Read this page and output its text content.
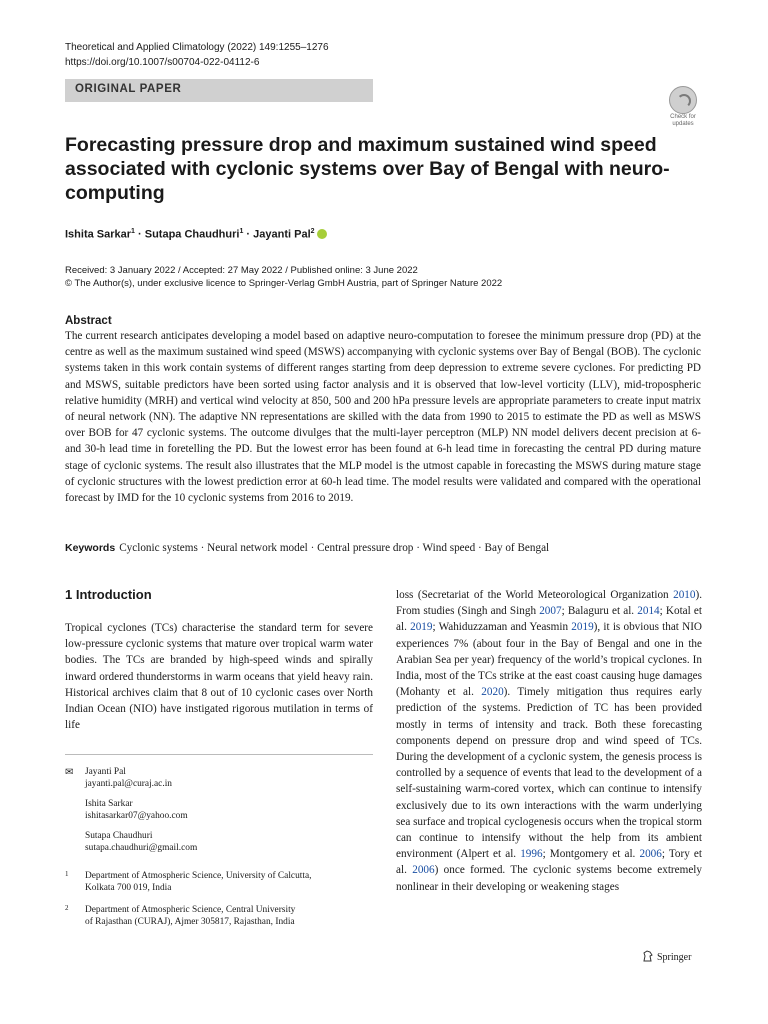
Theoretical and Applied Climatology (2022) 149:1255–1276
https://doi.org/10.1007/s00704-022-04112-6
ORIGINAL PAPER
Check for updates
Forecasting pressure drop and maximum sustained wind speed associated with cyclonic systems over Bay of Bengal with neuro-computing
Ishita Sarkar$^1$ · Sutapa Chaudhuri$^1$ · Jayanti Pal$^2$
Received: 3 January 2022 / Accepted: 27 May 2022 / Published online: 3 June 2022
© The Author(s), under exclusive licence to Springer-Verlag GmbH Austria, part of Springer Nature 2022
Abstract

The current research anticipates developing a model based on adaptive neuro-computation to foresee the minimum pressure drop (PD) at the centre as well as the maximum sustained wind speed (MSWS) accompanying with cyclonic systems over Bay of Bengal (BOB). The cyclonic systems taken in this work contain systems of different ranges starting from deep depression to extreme severe cyclones. For predicting PD and MSWS, suitable predictors have been sorted using factor analysis and it is observed that low-level vorticity (LLV), mid-tropospheric relative humidity (MRH) and vertical wind velocity at 850, 500 and 200 hPa pressure levels are appropriate parameters to create input matrix of neural network (NN). The adaptive NN representations are skilled with the data from 1990 to 2015 to estimate the PD as well as MSWS over BOB for 47 cyclonic systems. The outcome divulges that the multi-layer perceptron (MLP) NN model delivers decent precision at 6- and 30-h lead time in foretelling the PD. But the lowest error has been found at 6-h lead time in forecasting the central PD during mature stage of cyclonic systems. The result also illustrates that the MLP model is the utmost capable in forecasting the MSWS during mature stage of cyclonic structures with the lowest prediction error at 60-h lead time. The model results were validated and compared with the operational forecast by IMD for the 10 cyclonic systems from 2016 to 2019.

Keywords Cyclonic systems · Neural network model · Central pressure drop · Wind speed · Bay of Bengal
1 Introduction

Tropical cyclones (TCs) characterise the standard term for severe low-pressure cyclonic systems that mature over tropical warm water bodies. The TCs are branded by high-speed winds and spirally inward ordered thunderstorms in warm oceans that yield heavy rain. Historical archives claim that 8 out of 10 cyclonic cases over North Indian Ocean (NIO) have instigated rigorous mutilation in terms of life

✉ Jayanti Pal
jayanti.pal@curaj.ac.in
Ishita Sarkar
ishitasarkar07@yahoo.com
Sutapa Chaudhuri
sutapa.chaudhuri@gmail.com
1 Department of Atmospheric Science, University of Calcutta,
Kolkata 700 019, India
2 Department of Atmospheric Science, Central University
of Rajasthan (CURAJ), Ajmer 305817, Rajasthan, India

loss (Secretariat of the World Meteorological Organization 2010). From studies (Singh and Singh 2007; Balaguru et al. 2014; Kotal et al. 2019; Wahiduzzaman and Yeasmin 2019), it is obvious that NIO experiences 7% (about four in the Bay of Bengal and one in the Arabian Sea per year) frequency of the world’s tropical cyclones. In India, most of the TCs strike at the east coast causing huge damages (Mohanty et al. 2020). Timely mitigation thus requires early prediction of the systems. Prediction of TC has been provided mostly in terms of intensity and track. Both these forecasting components depend on pressure drop and wind speed of TCs. During the development of a cyclonic system, the genesis process is controlled by a sequence of events that lead to the development of a self-sustaining warm-cored vortex, which can continue to intensify exclusively due to its own interactions with the warm underlying sea surface and tropical cyclogenesis occurs when the tropical storm can continue to intensify without the help from its ambient environment (Alpert et al. 1996; Montgomery et al. 2006; Tory et al. 2006) once formed. The cyclonic systems become extremely nonlinear in their developing or weakening stages

Springer
